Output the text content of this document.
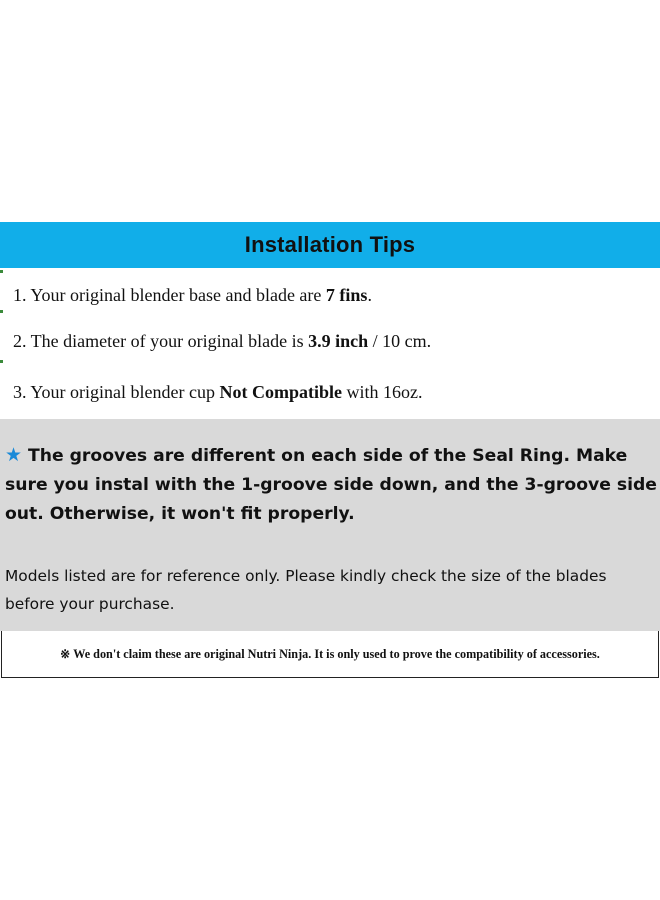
Installation Tips
1. Your original blender base and blade are 7 fins.
2. The diameter of your original blade is 3.9 inch / 10 cm.
3. Your original blender cup Not Compatible with 16oz.
★ The grooves are different on each side of the Seal Ring. Make sure you instal with the 1-groove side down, and the 3-groove side out. Otherwise, it won't fit properly.
Models listed are for reference only. Please kindly check the size of the blades before your purchase.
※ We don't claim these are original Nutri Ninja. It is only used to prove the compatibility of accessories.
